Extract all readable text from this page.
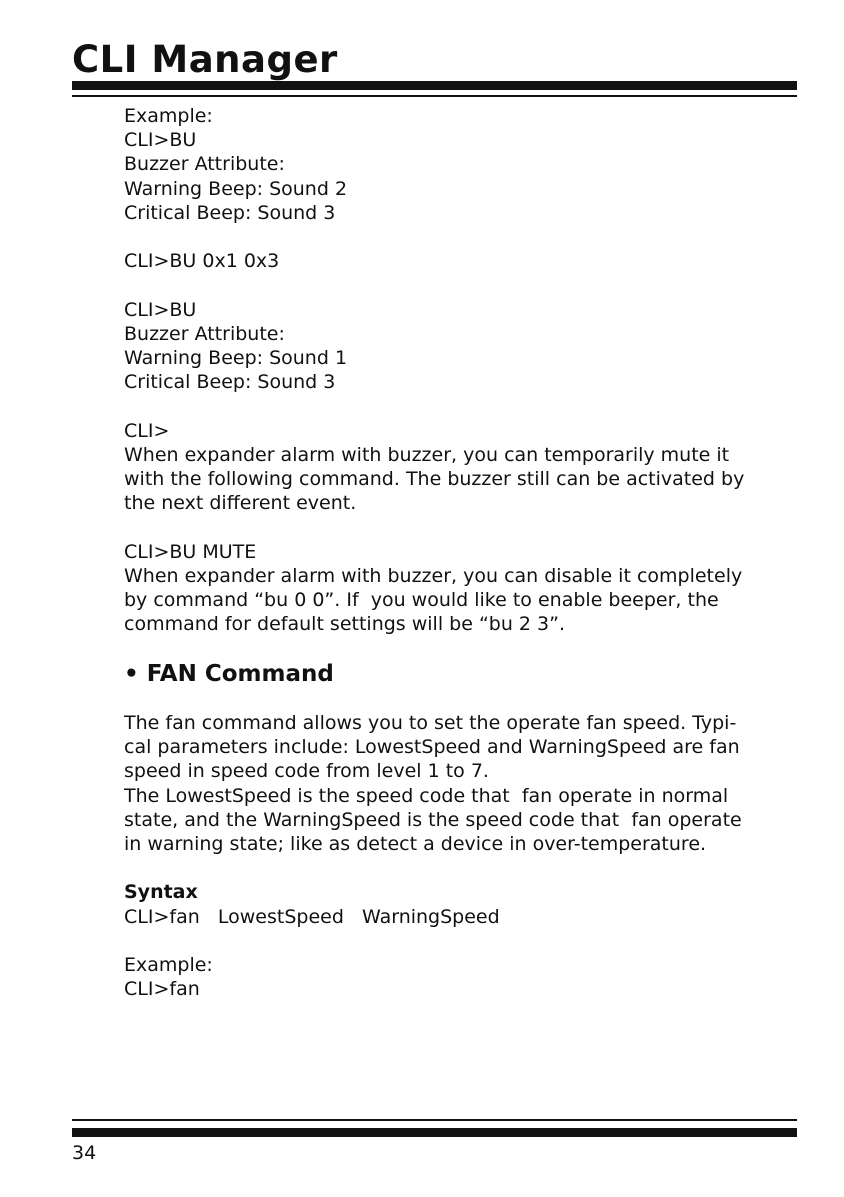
CLI Manager
Example:
CLI>BU
Buzzer Attribute:
Warning Beep: Sound 2
Critical Beep: Sound 3
CLI>BU 0x1 0x3
CLI>BU
Buzzer Attribute:
Warning Beep: Sound 1
Critical Beep: Sound 3
CLI>
When expander alarm with buzzer, you can temporarily mute it
with the following command. The buzzer still can be activated by
the next different event.
CLI>BU MUTE
When expander alarm with buzzer, you can disable it completely
by command “bu 0 0”. If  you would like to enable beeper, the
command for default settings will be “bu 2 3”.
• FAN Command
The fan command allows you to set the operate fan speed. Typi-
cal parameters include: LowestSpeed and WarningSpeed are fan
speed in speed code from level 1 to 7.
The LowestSpeed is the speed code that  fan operate in normal
state, and the WarningSpeed is the speed code that  fan operate
in warning state; like as detect a device in over-temperature.
Syntax
CLI>fan   LowestSpeed   WarningSpeed
Example:
CLI>fan
34
